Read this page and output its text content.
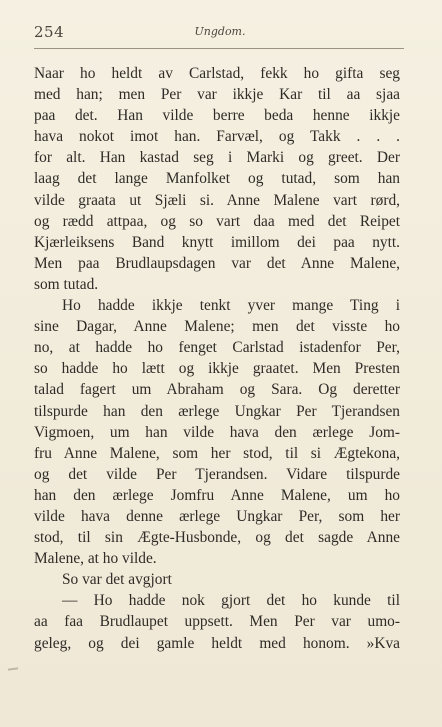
254	Ungdom.
Naar ho heldt av Carlstad, fekk ho gifta seg
med han; men Per var ikkje Kar til aa sjaa
paa det. Han vilde berre beda henne ikkje
hava nokot imot han. Farvæl, og Takk . . .
for alt. Han kastad seg i Marki og greet. Der
laag det lange Manfolket og tutad, som han
vilde graata ut Sjæli si. Anne Malene vart rørd,
og rædd attpaa, og so vart daa med det Reipet
Kjærleiksens Band knytt imillom dei paa nytt.
Men paa Brudlaupsdagen var det Anne Malene,
som tutad.
Ho hadde ikkje tenkt yver mange Ting i
sine Dagar, Anne Malene; men det visste ho
no, at hadde ho fenget Carlstad istadenfor Per,
so hadde ho lætt og ikkje graatet. Men Presten
talad fagert um Abraham og Sara. Og deretter
tilspurde han den ærlege Ungkar Per Tjerandsen
Vigmoen, um han vilde hava den ærlege Jom-
fru Anne Malene, som her stod, til si Ægtekona,
og det vilde Per Tjerandsen. Vidare tilspurde
han den ærlege Jomfru Anne Malene, um ho
vilde hava denne ærlege Ungkar Per, som her
stod, til sin Ægte-Husbonde, og det sagde Anne
Malene, at ho vilde.
So var det avgjort
— Ho hadde nok gjort det ho kunde til
aa faa Brudlaupet uppsett. Men Per var umo-
geleg, og dei gamle heldt med honom. »Kva
